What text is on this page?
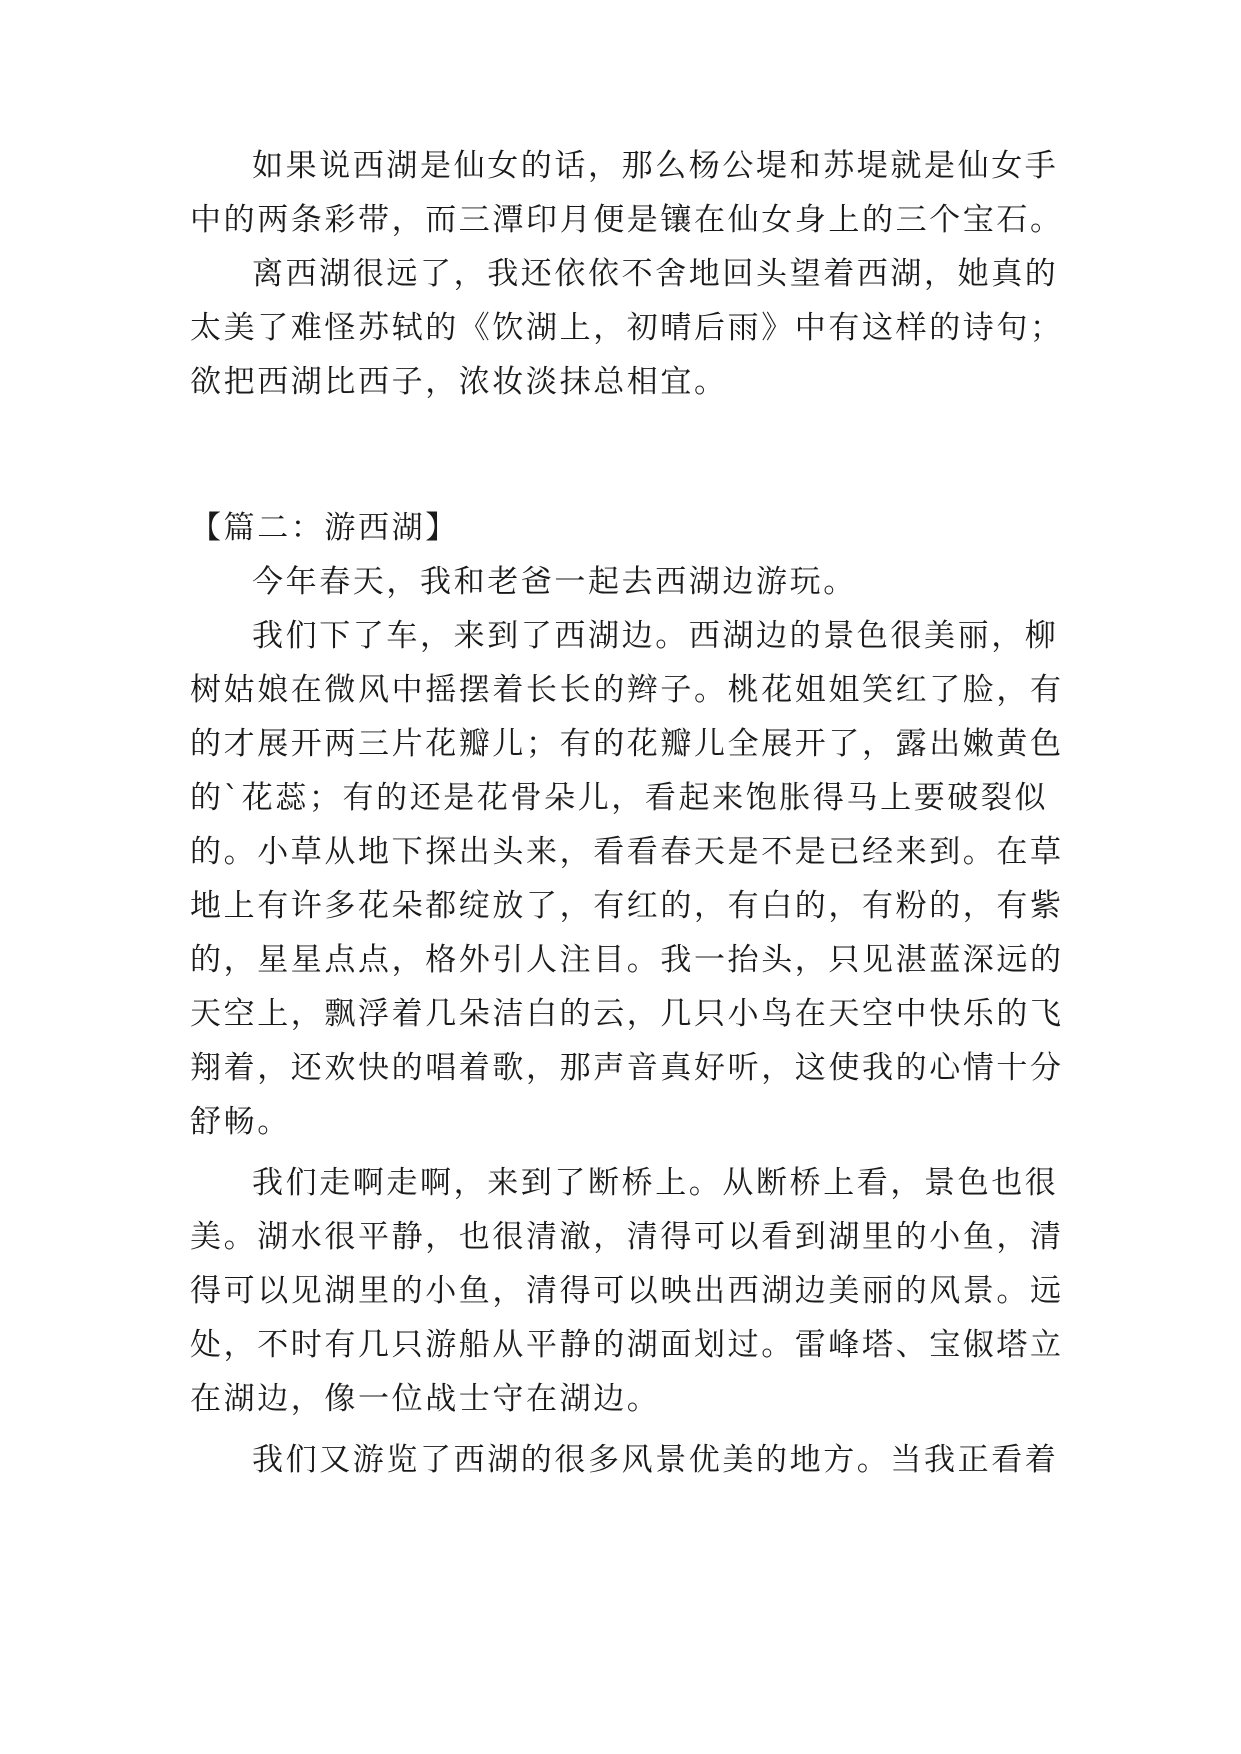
如果说西湖是仙女的话，那么杨公堤和苏堤就是仙女手
中的两条彩带，而三潭印月便是镶在仙女身上的三个宝石。
离西湖很远了，我还依依不舍地回头望着西湖，她真的
太美了难怪苏轼的《饮湖上，初晴后雨》中有这样的诗句；
欲把西湖比西子，浓妆淡抹总相宜。
【篇二：游西湖】
今年春天，我和老爸一起去西湖边游玩。
我们下了车，来到了西湖边。西湖边的景色很美丽，柳
树姑娘在微风中摇摆着长长的辫子。桃花姐姐笑红了脸，有
的才展开两三片花瓣儿；有的花瓣儿全展开了，露出嫩黄色
的`花蕊；有的还是花骨朵儿，看起来饱胀得马上要破裂似
的。小草从地下探出头来，看看春天是不是已经来到。在草
地上有许多花朵都绽放了，有红的，有白的，有粉的，有紫
的，星星点点，格外引人注目。我一抬头，只见湛蓝深远的
天空上，飘浮着几朵洁白的云，几只小鸟在天空中快乐的飞
翔着，还欢快的唱着歌，那声音真好听，这使我的心情十分
舒畅。
我们走啊走啊，来到了断桥上。从断桥上看，景色也很
美。湖水很平静，也很清澈，清得可以看到湖里的小鱼，清
得可以见湖里的小鱼，清得可以映出西湖边美丽的风景。远
处，不时有几只游船从平静的湖面划过。雷峰塔、宝俶塔立
在湖边，像一位战士守在湖边。
我们又游览了西湖的很多风景优美的地方。当我正看着
